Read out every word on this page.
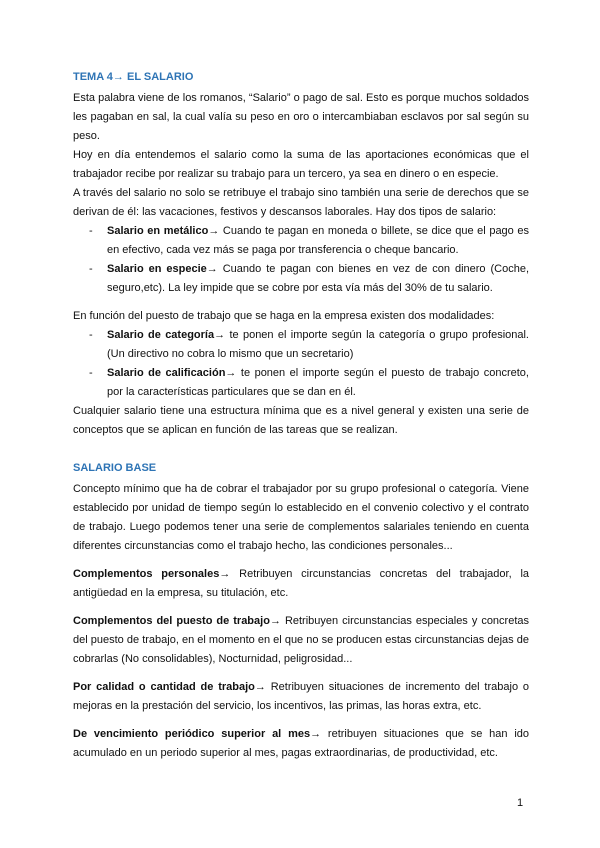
TEMA 4→ EL SALARIO

Esta palabra viene de los romanos, “Salario” o pago de sal. Esto es porque muchos soldados les pagaban en sal, la cual valía su peso en oro o intercambiaban esclavos por sal según su peso.

Hoy en día entendemos el salario como la suma de las aportaciones económicas que el trabajador recibe por realizar su trabajo para un tercero, ya sea en dinero o en especie.

A través del salario no solo se retribuye el trabajo sino también una serie de derechos que se derivan de él: las vacaciones, festivos y descansos laborales. Hay dos tipos de salario:

-	Salario en metálico→ Cuando te pagan en moneda o billete, se dice que el pago es en efectivo, cada vez más se paga por transferencia o cheque bancario.
-	Salario en especie→ Cuando te pagan con bienes en vez de con dinero (Coche, seguro,etc). La ley impide que se cobre por esta vía más del 30% de tu salario.

En función del puesto de trabajo que se haga en la empresa existen dos modalidades:

-	Salario de categoría→ te ponen el importe según la categoría o grupo profesional. (Un directivo no cobra lo mismo que un secretario)
-	Salario de calificación→ te ponen el importe según el puesto de trabajo concreto, por la características particulares que se dan en él.

Cualquier salario tiene una estructura mínima que es a nivel general y existen una serie de conceptos que se aplican en función de las tareas que se realizan.

SALARIO BASE

Concepto mínimo que ha de cobrar el trabajador por su grupo profesional o categoría. Viene establecido por unidad de tiempo según lo establecido en el convenio colectivo y el contrato de trabajo. Luego podemos tener una serie de complementos salariales teniendo en cuenta diferentes circunstancias como el trabajo hecho, las condiciones personales...

Complementos personales→ Retribuyen circunstancias concretas del trabajador, la antigüedad en la empresa, su titulación, etc.

Complementos del puesto de trabajo→ Retribuyen circunstancias especiales y concretas del puesto de trabajo, en el momento en el que no se producen estas circunstancias dejas de cobrarlas (No consolidables), Nocturnidad, peligrosidad...

Por calidad o cantidad de trabajo→ Retribuyen situaciones de incremento del trabajo o mejoras en la prestación del servicio, los incentivos, las primas, las horas extra, etc.

De vencimiento periódico superior al mes→ retribuyen situaciones que se han ido acumulado en un periodo superior al mes, pagas extraordinarias, de productividad, etc.

1
